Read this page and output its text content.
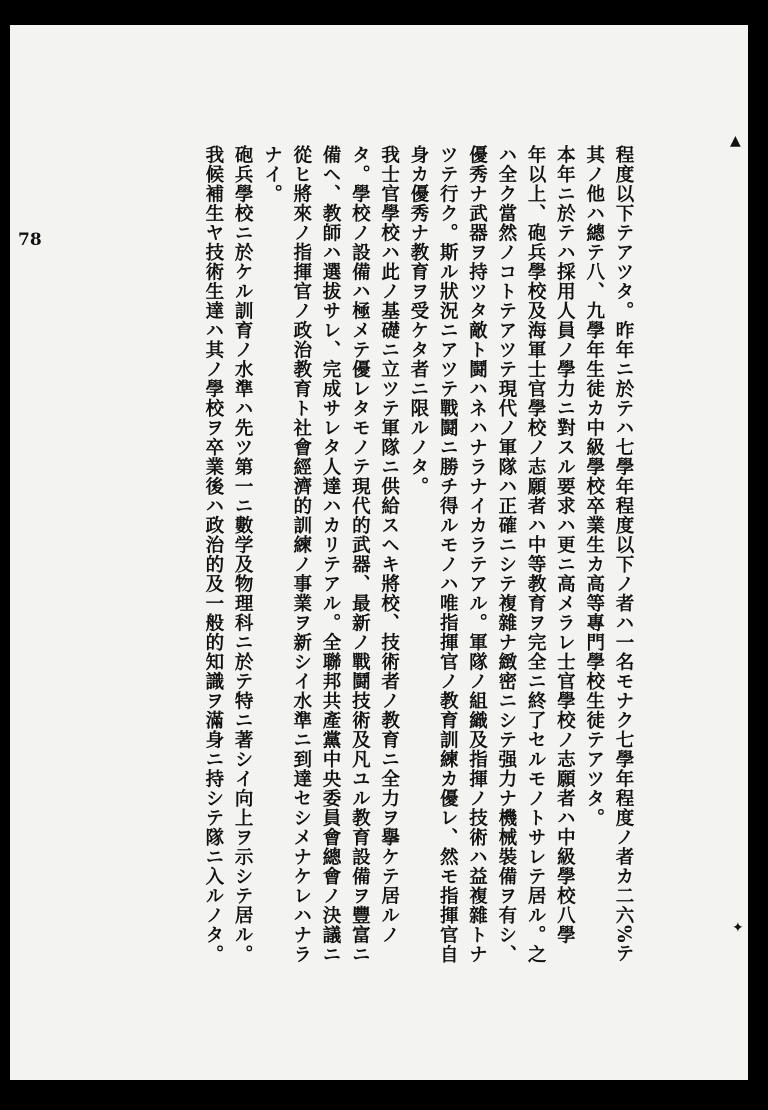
78
▲
✦
程度以下テアツタ。昨年ニ於テハ七學年程度以下ノ者ハ一名モナク七學年程度ノ者カ二六%テ
其ノ他ハ總テ八、九學年生徒カ中級學校卒業生カ高等專門學校生徒テアツタ。
本年ニ於テハ採用人員ノ學力ニ對スル要求ハ更ニ高メラレ士官學校ノ志願者ハ中級學校八學
年以上、砲兵學校及海軍士官學校ノ志願者ハ中等教育ヲ完全ニ終了セルモノトサレテ居ル。之
ハ全ク當然ノコトテアツテ現代ノ軍隊ハ正確ニシテ複雜ナ緻密ニシテ强力ナ機械裝備ヲ有シ、
優秀ナ武器ヲ持ツタ敵ト鬪ハネハナラナイカラテアル。軍隊ノ組織及指揮ノ技術ハ益複雜トナ
ツテ行ク。斯ル狀況ニアツテ戰鬪ニ勝チ得ルモノハ唯指揮官ノ教育訓練カ優レ、然モ指揮官自
身カ優秀ナ教育ヲ受ケタ者ニ限ルノタ。
我士官學校ハ此ノ基礎ニ立ツテ軍隊ニ供給スヘキ將校、技術者ノ教育ニ全力ヲ擧ケテ居ルノ
タ。學校ノ設備ハ極メテ優レタモノテ現代的武器、最新ノ戰鬪技術及凡ユル教育設備ヲ豐富ニ
備ヘ、教師ハ選拔サレ、完成サレタ人達ハカリテアル。全聯邦共產黨中央委員會總會ノ決議ニ
從ヒ將來ノ指揮官ノ政治教育ト社會經濟的訓練ノ事業ヲ新シイ水準ニ到達セシメナケレハナラ
ナイ。
砲兵學校ニ於ケル訓育ノ水準ハ先ツ第一ニ數学及物理科ニ於テ特ニ著シイ向上ヲ示シテ居ル。
我候補生ヤ技術生達ハ其ノ學校ヲ卒業後ハ政治的及一般的知識ヲ滿身ニ持シテ隊ニ入ルノタ。
